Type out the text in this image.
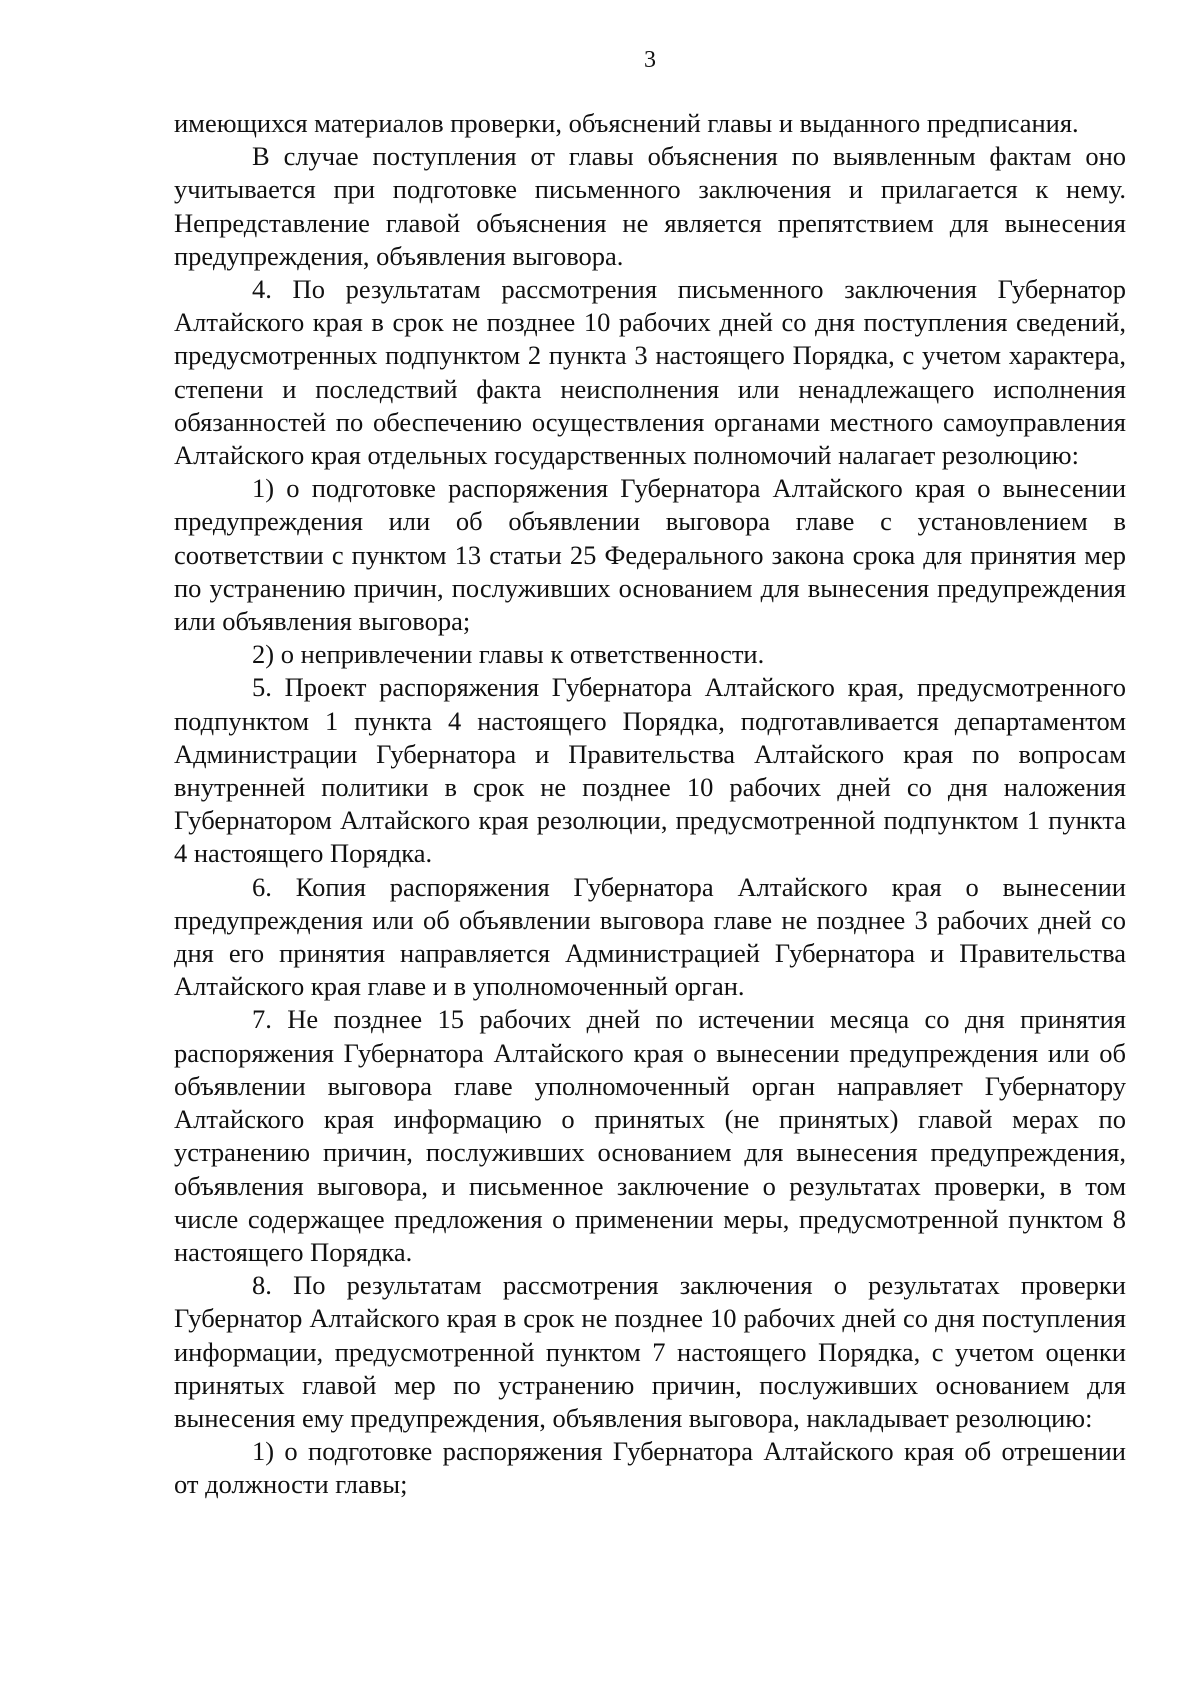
3

имеющихся материалов проверки, объяснений главы и выданного предписания.

В случае поступления от главы объяснения по выявленным фактам оно учитывается при подготовке письменного заключения и прилагается к нему. Непредставление главой объяснения не является препятствием для вынесения предупреждения, объявления выговора.

4. По результатам рассмотрения письменного заключения Губернатор Алтайского края в срок не позднее 10 рабочих дней со дня поступления сведений, предусмотренных подпунктом 2 пункта 3 настоящего Порядка, с учетом характера, степени и последствий факта неисполнения или ненадлежащего исполнения обязанностей по обеспечению осуществления органами местного самоуправления Алтайского края отдельных государственных полномочий налагает резолюцию:

1) о подготовке распоряжения Губернатора Алтайского края о вынесении предупреждения или об объявлении выговора главе с установлением в соответствии с пунктом 13 статьи 25 Федерального закона срока для принятия мер по устранению причин, послуживших основанием для вынесения предупреждения или объявления выговора;

2) о непривлечении главы к ответственности.

5. Проект распоряжения Губернатора Алтайского края, предусмотренного подпунктом 1 пункта 4 настоящего Порядка, подготавливается департаментом Администрации Губернатора и Правительства Алтайского края по вопросам внутренней политики в срок не позднее 10 рабочих дней со дня наложения Губернатором Алтайского края резолюции, предусмотренной подпунктом 1 пункта 4 настоящего Порядка.

6. Копия распоряжения Губернатора Алтайского края о вынесении предупреждения или об объявлении выговора главе не позднее 3 рабочих дней со дня его принятия направляется Администрацией Губернатора и Правительства Алтайского края главе и в уполномоченный орган.

7. Не позднее 15 рабочих дней по истечении месяца со дня принятия распоряжения Губернатора Алтайского края о вынесении предупреждения или об объявлении выговора главе уполномоченный орган направляет Губернатору Алтайского края информацию о принятых (не принятых) главой мерах по устранению причин, послуживших основанием для вынесения предупреждения, объявления выговора, и письменное заключение о результатах проверки, в том числе содержащее предложения о применении меры, предусмотренной пунктом 8 настоящего Порядка.

8. По результатам рассмотрения заключения о результатах проверки Губернатор Алтайского края в срок не позднее 10 рабочих дней со дня поступления информации, предусмотренной пунктом 7 настоящего Порядка, с учетом оценки принятых главой мер по устранению причин, послуживших основанием для вынесения ему предупреждения, объявления выговора, накладывает резолюцию:

1) о подготовке распоряжения Губернатора Алтайского края об отрешении от должности главы;
